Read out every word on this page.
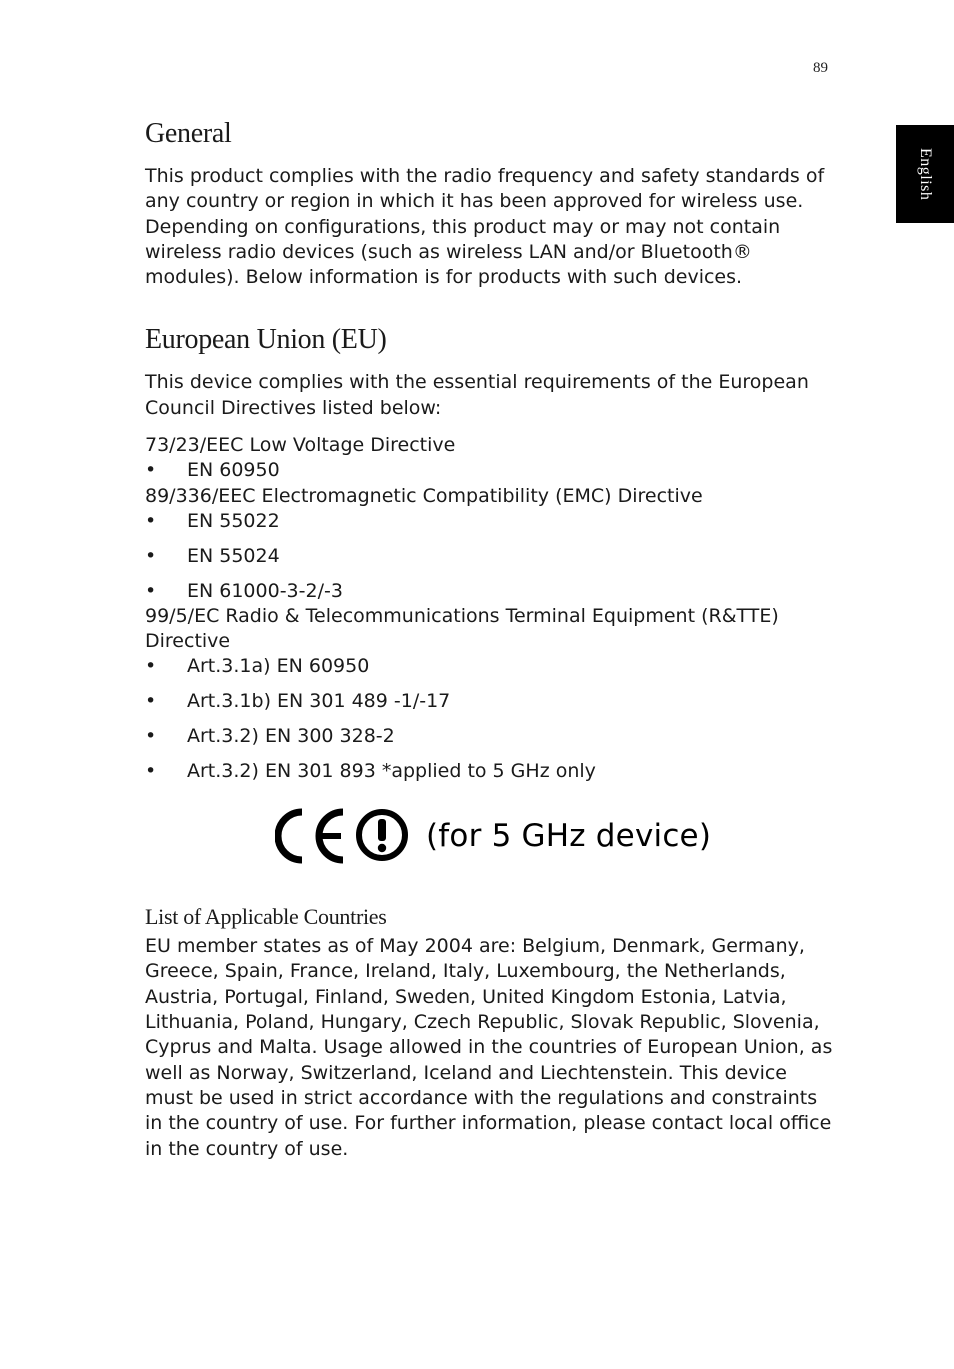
89
English
General

This product complies with the radio frequency and safety standards of any country or region in which it has been approved for wireless use. Depending on configurations, this product may or may not contain wireless radio devices (such as wireless LAN and/or Bluetooth® modules). Below information is for products with such devices.

European Union (EU)

This device complies with the essential requirements of the European Council Directives listed below:

73/23/EEC Low Voltage Directive

• EN 60950

89/336/EEC Electromagnetic Compatibility (EMC) Directive

• EN 55022
• EN 55024
• EN 61000-3-2/-3

99/5/EC Radio & Telecommunications Terminal Equipment (R&TTE) Directive

• Art.3.1a) EN 60950
• Art.3.1b) EN 301 489 -1/-17
• Art.3.2) EN 300 328-2
• Art.3.2) EN 301 893 *applied to 5 GHz only
(for 5 GHz device)
List of Applicable Countries

EU member states as of May 2004 are: Belgium, Denmark, Germany, Greece, Spain, France, Ireland, Italy, Luxembourg, the Netherlands, Austria, Portugal, Finland, Sweden, United Kingdom Estonia, Latvia, Lithuania, Poland, Hungary, Czech Republic, Slovak Republic, Slovenia, Cyprus and Malta. Usage allowed in the countries of European Union, as well as Norway, Switzerland, Iceland and Liechtenstein. This device must be used in strict accordance with the regulations and constraints in the country of use. For further information, please contact local office in the country of use.
